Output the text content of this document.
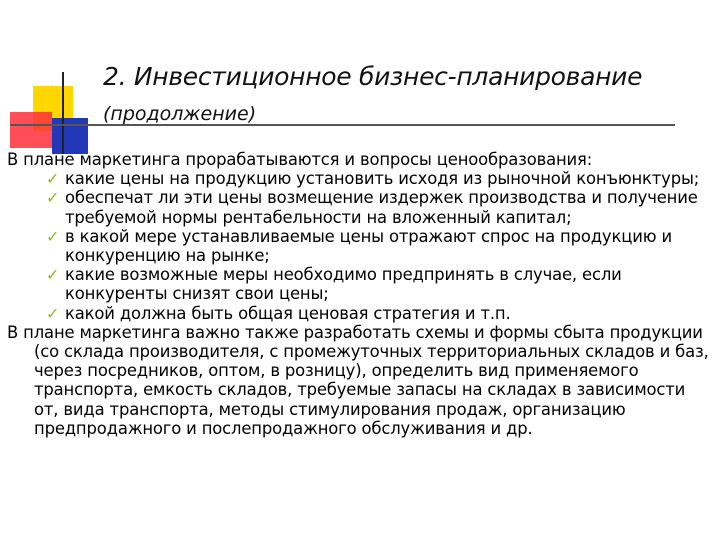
2. Инвестиционное бизнес-планирование
(продолжение)

В плане маркетинга прорабатываются и вопросы ценообразования:

✓ какие цены на продукцию установить исходя из рыночной конъюнктуры;
✓ обеспечат ли эти цены возмещение издержек производства и получение требуемой нормы рентабельности на вложенный капитал;
✓ в какой мере устанавливаемые цены отражают спрос на продукцию и конкуренцию на рынке;
✓ какие возможные меры необходимо предпринять в случае, если конкуренты снизят свои цены;
✓ какой должна быть общая ценовая стратегия и т.п.

В плане маркетинга важно также разработать схемы и формы сбыта продукции (со склада производителя, с промежуточных территориальных складов и баз, через посредников, оптом, в розницу), определить вид применяемого транспорта, емкость складов, требуемые запасы на складах в зависимости от, вида транспорта, методы стимулирования продаж, организацию предпродажного и послепродажного обслуживания и др.
